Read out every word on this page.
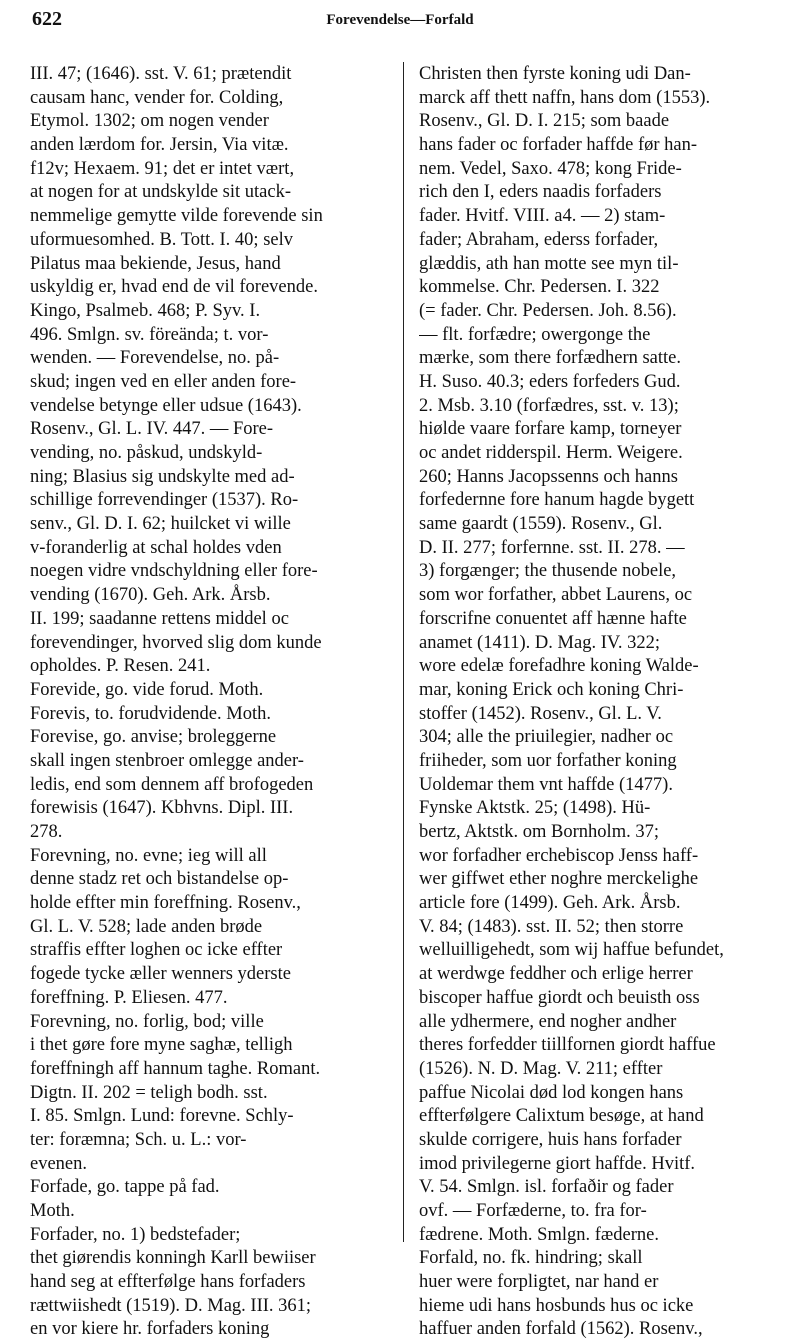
622	Forevendelse—Forfald
III. 47; (1646). sst. V. 61; prætendit
causam hanc, vender for. Colding,
Etymol. 1302; om nogen vender
anden lærdom for. Jersin, Via vitæ.
f12v; Hexaem. 91; det er intet vært,
at nogen for at undskylde sit utack-
nemmelige gemytte vilde forevende sin
uformuesomhed. B. Tott. I. 40; selv
Pilatus maa bekiende, Jesus, hand
uskyldig er, hvad end de vil forevende.
Kingo, Psalmeb. 468; P. Syv. I.
496. Smlgn. sv. föreända; t. vor-
wenden. — Forevendelse, no. på-
skud; ingen ved en eller anden fore-
vendelse betynge eller udsue (1643).
Rosenv., Gl. L. IV. 447. — Fore-
vending, no. påskud, undskyld-
ning; Blasius sig undskylte med ad-
schillige forrevendinger (1537). Ro-
senv., Gl. D. I. 62; huilcket vi wille
v-foranderlig at schal holdes vden
noegen vidre vndschyldning eller fore-
vending (1670). Geh. Ark. Årsb.
II. 199; saadanne rettens middel oc
forevendinger, hvorved slig dom kunde
opholdes. P. Resen. 241.
Forevide, go. vide forud. Moth.
Forevis, to. forudvidende. Moth.
Forevise, go. anvise; broleggerne
skall ingen stenbroer omlegge ander-
ledis, end som dennem aff brofogeden
forewisis (1647). Kbhvns. Dipl. III.
278.
Forevning, no. evne; ieg will all
denne stadz ret och bistandelse op-
holde effter min foreffning. Rosenv.,
Gl. L. V. 528; lade anden brøde
straffis effter loghen oc icke effter
fogede tycke æller wenners yderste
foreffning. P. Eliesen. 477.
Forevning, no. forlig, bod; ville
i thet gøre fore myne saghæ, telligh
foreffningh aff hannum taghe. Romant.
Digtn. II. 202 = teligh bodh. sst.
I. 85. Smlgn. Lund: forevne. Schly-
ter: foræmna; Sch. u. L.: vor-
evenen.
Forfade, go. tappe på fad.
Moth.
Forfader, no. 1) bedstefader;
thet giørendis konningh Karll bewiiser
hand seg at effterfølge hans forfaders
rættwiishedt (1519). D. Mag. III. 361;
en vor kiere hr. forfaders koning
Christen then fyrste koning udi Dan-
marck aff thett naffn, hans dom (1553).
Rosenv., Gl. D. I. 215; som baade
hans fader oc forfader haffde før han-
nem. Vedel, Saxo. 478; kong Fride-
rich den I, eders naadis forfaders
fader. Hvitf. VIII. a4. — 2) stam-
fader; Abraham, ederss forfader,
glæddis, ath han motte see myn til-
kommelse. Chr. Pedersen. I. 322
(= fader. Chr. Pedersen. Joh. 8.56).
— flt. forfædre; owergonge the
mærke, som there forfædhern satte.
H. Suso. 40.3; eders forfeders Gud.
2. Msb. 3.10 (forfædres, sst. v. 13);
hiølde vaare forfare kamp, torneyer
oc andet ridderspil. Herm. Weigere.
260; Hanns Jacopssenns och hanns
forfedernne fore hanum hagde bygett
same gaardt (1559). Rosenv., Gl.
D. II. 277; forfernne. sst. II. 278. —
3) forgænger; the thusende nobele,
som wor forfather, abbet Laurens, oc
forscrifne conuentet aff hænne hafte
anamet (1411). D. Mag. IV. 322;
wore edelæ forefadhre koning Walde-
mar, koning Erick och koning Chri-
stoffer (1452). Rosenv., Gl. L. V.
304; alle the priuilegier, nadher oc
friiheder, som uor forfather koning
Uoldemar them vnt haffde (1477).
Fynske Aktstk. 25; (1498). Hü-
bertz, Aktstk. om Bornholm. 37;
wor forfadher erchebiscop Jenss haff-
wer giffwet ether noghre merckelighe
article fore (1499). Geh. Ark. Årsb.
V. 84; (1483). sst. II. 52; then storre
welluilligehedt, som wij haffue befundet,
at werdwge feddher och erlige herrer
biscoper haffue giordt och beuisth oss
alle ydhermere, end nogher andher
theres forfedder tiillfornen giordt haffue
(1526). N. D. Mag. V. 211; effter
paffue Nicolai død lod kongen hans
effterfølgere Calixtum besøge, at hand
skulde corrigere, huis hans forfader
imod privilegerne giort haffde. Hvitf.
V. 54. Smlgn. isl. forfaðir og fader
ovf. — Forfæderne, to. fra for-
fædrene. Moth. Smlgn. fæderne.
Forfald, no. fk. hindring; skall
huer were forpligtet, nar hand er
hieme udi hans hosbunds hus oc icke
haffuer anden forfald (1562). Rosenv.,
